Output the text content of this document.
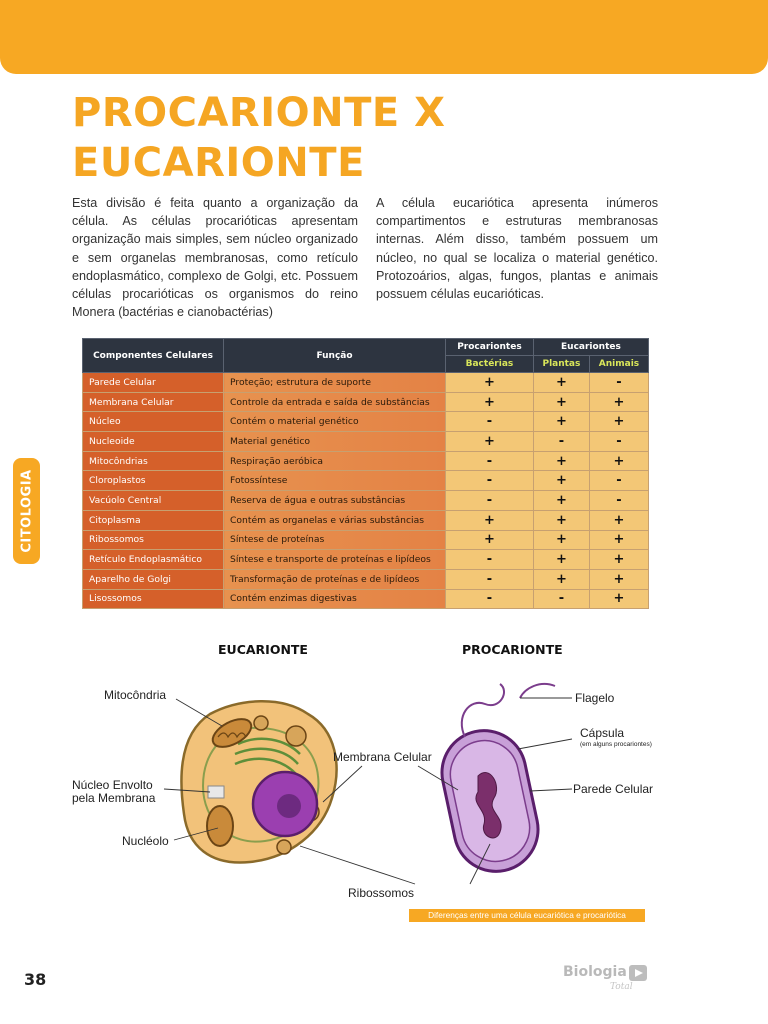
PROCARIONTE X
EUCARIONTE

Esta divisão é feita quanto a organização da célula. As células procarióticas apresentam organização mais simples, sem núcleo organizado e sem organelas membranosas, como retículo endoplasmático, complexo de Golgi, etc. Possuem células procarióticas os organismos do reino Monera (bactérias e cianobactérias)

A célula eucariótica apresenta inúmeros compartimentos e estruturas membranosas internas. Além disso, também possuem um núcleo, no qual se localiza o material genético. Protozoários, algas, fungos, plantas e animais possuem células eucarióticas.

CITOLOGIA
Componentes Celulares	Função	Procariontes	Eucariontes	
		Bactérias	Plantas	Animais
Parede Celular	Proteção; estrutura de suporte	+	+	-
Membrana Celular	Controle da entrada e saída de substâncias	+	+	+
Núcleo	Contém o material genético	-	+	+
Nucleoide	Material genético	+	-	-
Mitocôndrias	Respiração aeróbica	-	+	+
Cloroplastos	Fotossíntese	-	+	-
Vacúolo Central	Reserva de água e outras substâncias	-	+	-
Citoplasma	Contém as organelas e várias substâncias	+	+	+
Ribossomos	Síntese de proteínas	+	+	+
Retículo Endoplasmático	Síntese e transporte de proteínas e lipídeos	-	+	+
Aparelho de Golgi	Transformação de proteínas e de lipídeos	-	+	+
Lisossomos	Contém enzimas digestivas	-	-	+
EUCARIONTE	PROCARIONTE
Mitocôndria
Núcleo Envolto
pela Membrana
Nucléolo
Membrana Celular
Ribossomos
Flagelo
Cápsula
(em alguns procariontes)
Parede Celular
Diferenças entre uma célula eucariótica e procariótica
38	Biologia
Total
